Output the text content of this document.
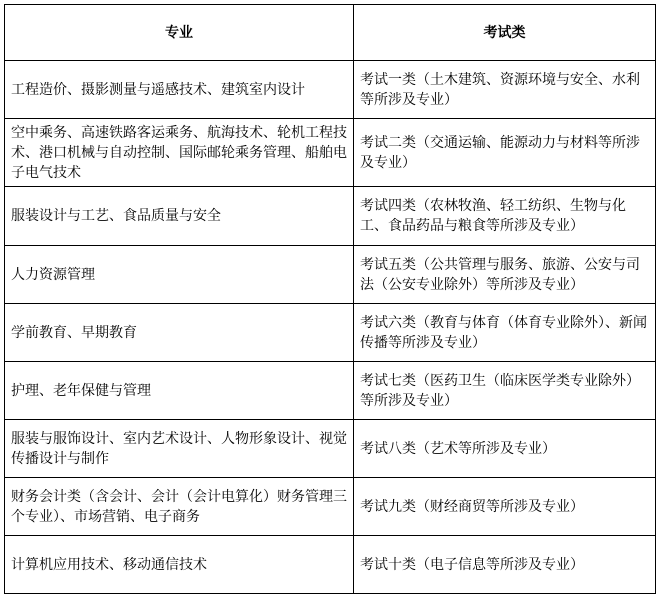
专业	考试类
工程造价、摄影测量与遥感技术、建筑室内设计	考试一类（土木建筑、资源环境与安全、水利等所涉及专业）
空中乘务、高速铁路客运乘务、航海技术、轮机工程技术、港口机械与自动控制、国际邮轮乘务管理、船舶电子电气技术	考试二类（交通运输、能源动力与材料等所涉及专业）
服装设计与工艺、食品质量与安全	考试四类（农林牧渔、轻工纺织、生物与化工、食品药品与粮食等所涉及专业）
人力资源管理	考试五类（公共管理与服务、旅游、公安与司法（公安专业除外）等所涉及专业）
学前教育、早期教育	考试六类（教育与体育（体育专业除外）、新闻传播等所涉及专业）
护理、老年保健与管理	考试七类（医药卫生（临床医学类专业除外）等所涉及专业）
服装与服饰设计、室内艺术设计、人物形象设计、视觉传播设计与制作	考试八类（艺术等所涉及专业）
财务会计类（含会计、会计（会计电算化）财务管理三个专业）、市场营销、电子商务	考试九类（财经商贸等所涉及专业）
计算机应用技术、移动通信技术	考试十类（电子信息等所涉及专业）
